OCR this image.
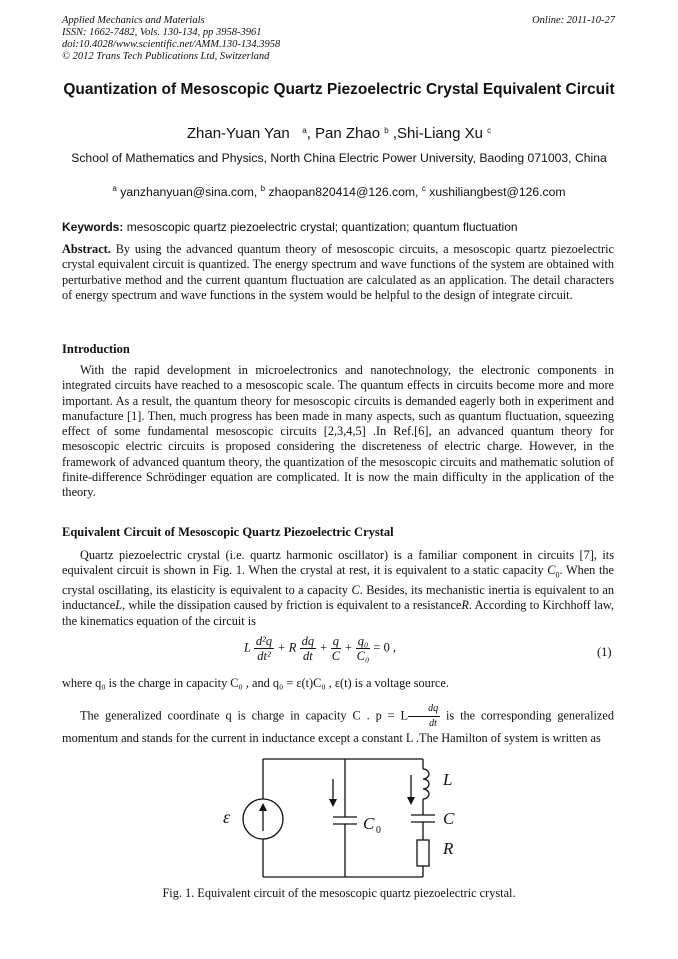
Applied Mechanics and Materials
ISSN: 1662-7482, Vols. 130-134, pp 3958-3961
doi:10.4028/www.scientific.net/AMM.130-134.3958
© 2012 Trans Tech Publications Ltd, Switzerland
Online: 2011-10-27
Quantization of Mesoscopic Quartz Piezoelectric Crystal Equivalent Circuit
Zhan-Yuan Yan $^a$, Pan Zhao $^b$ ,Shi-Liang Xu $^c$
School of Mathematics and Physics, North China Electric Power University, Baoding 071003, China
$^a$ yanzhanyuan@sina.com, $^b$ zhaopan820414@126.com, $^c$ xushiliangbest@126.com
Keywords: mesoscopic quartz piezoelectric crystal; quantization; quantum fluctuation
Abstract. By using the advanced quantum theory of mesoscopic circuits, a mesoscopic quartz piezoelectric crystal equivalent circuit is quantized. The energy spectrum and wave functions of the system are obtained with perturbative method and the current quantum fluctuation are calculated as an application. The detail characters of energy spectrum and wave functions in the system would be helpful to the design of integrate circuit.
Introduction
With the rapid development in microelectronics and nanotechnology, the electronic components in integrated circuits have reached to a mesoscopic scale. The quantum effects in circuits become more and more important. As a result, the quantum theory for mesoscopic circuits is demanded eagerly both in experiment and manufacture [1]. Then, much progress has been made in many aspects, such as quantum fluctuation, squeezing effect of some fundamental mesoscopic circuits [2,3,4,5] .In Ref.[6], an advanced quantum theory for mesoscopic electric circuits is proposed considering the discreteness of electric charge. However, in the framework of advanced quantum theory, the quantization of the mesoscopic circuits and mathematic solution of finite-difference Schrödinger equation are complicated. It is now the main difficulty in the application of the theory.
Equivalent Circuit of Mesoscopic Quartz Piezoelectric Crystal
Quartz piezoelectric crystal (i.e. quartz harmonic oscillator) is a familiar component in circuits [7], its equivalent circuit is shown in Fig. 1. When the crystal at rest, it is equivalent to a static capacity $C_0$. When the crystal oscillating, its elasticity is equivalent to a capacity C. Besides, its mechanistic inertia is equivalent to an inductanceL, while the dissipation caused by friction is equivalent to a resistanceR. According to Kirchhoff law, the kinematics equation of the circuit is
L $\frac{\text{d²q}}{\text{dt²}} + R \frac{dq}{dt} + \frac{q}{C} + \frac{\text{q₀}}{\text{C₀}} = 0$ ,	(1)
where q₀ is the charge in capacity C₀ , and q₀ = ε(t)C₀ , ε(t) is a voltage source.
The generalized coordinate q is charge in capacity C . p = L $\frac{dq}{dt}$ is the corresponding generalized momentum and stands for the current in inductance except a constant L .The Hamilton of system is written as
ε	C 0
L
C
R
Fig. 1. Equivalent circuit of the mesoscopic quartz piezoelectric crystal.
